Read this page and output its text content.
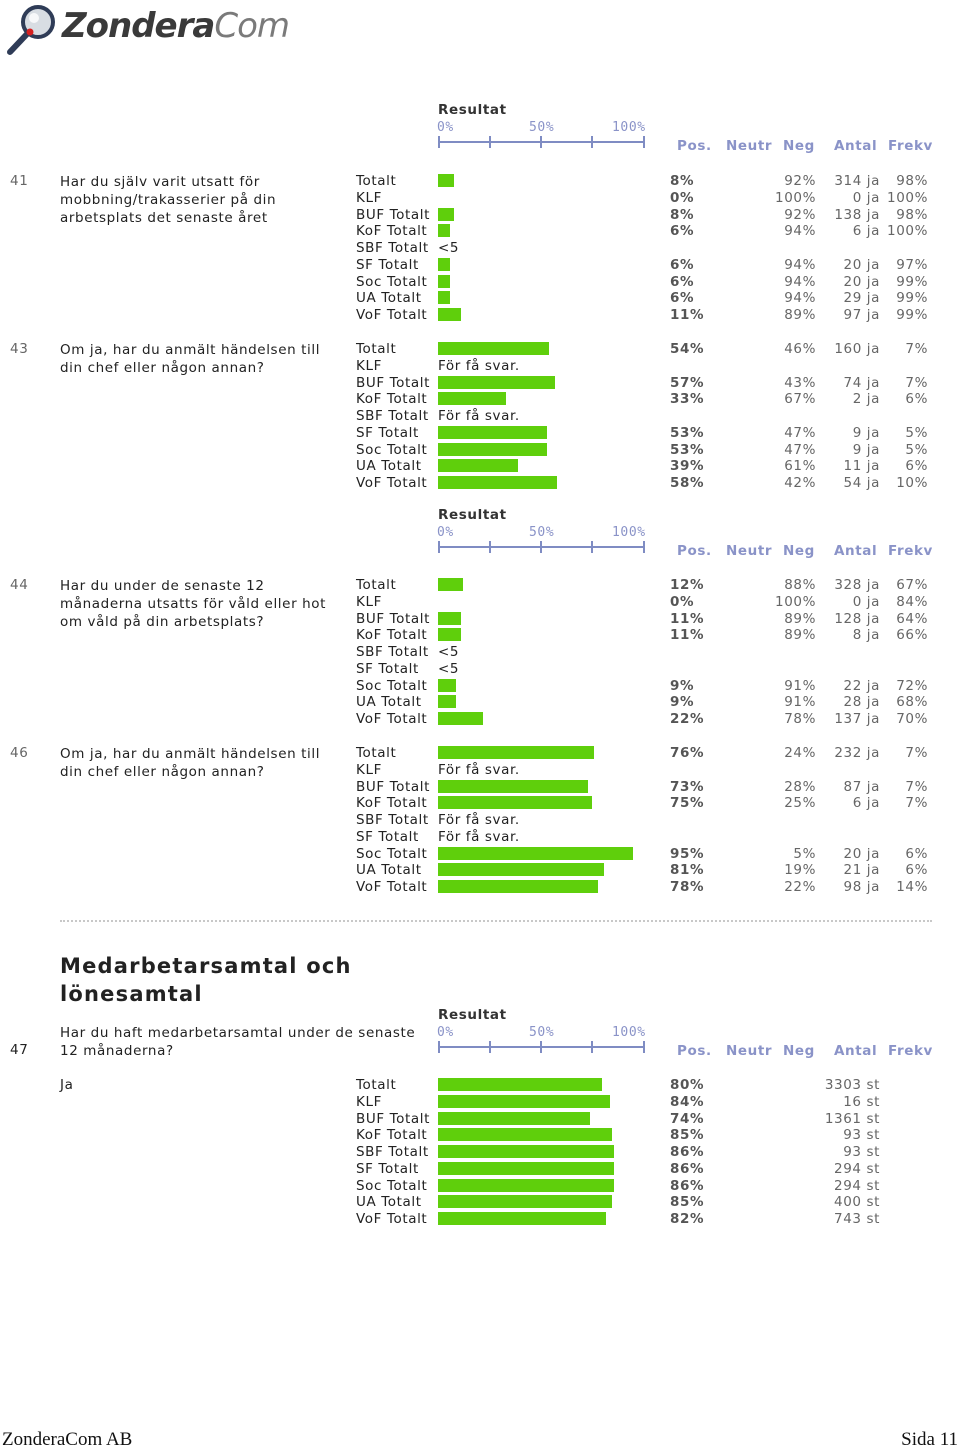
ZonderaCom
Resultat
0%	50%	100%
Pos. Neutr Neg Antal Frekv
41 Har du själv varit utsatt för mobbning/trakasserier på din arbetsplats det senaste året
Totalt	8%	92% 314 ja 98%
KLF	0%	100%	0 ja 100%
BUF Totalt	8%	92% 138 ja 98%
KoF Totalt	6%	94%	6 ja 100%
SBF Totalt <5
SF Totalt	6%	94% 20 ja 97%
Soc Totalt	6%	94% 20 ja 99%
UA Totalt	6%	94% 29 ja 99%
VoF Totalt	11%	89% 97 ja 99%
43 Om ja, har du anmält händelsen till din chef eller någon annan?
Totalt	54%	46% 160 ja 7%
KLF	För få svar.
BUF Totalt	57%	43% 74 ja 7%
KoF Totalt	33%	67%	2 ja 6%
SBF Totalt För få svar.
SF Totalt	53%	47%	9 ja 5%
Soc Totalt	53%	47%	9 ja 5%
UA Totalt	39%	61% 11 ja 6%
VoF Totalt	58%	42% 54 ja 10%
Resultat
0%	50%	100%
Pos. Neutr Neg Antal Frekv
44 Har du under de senaste 12 månaderna utsatts för våld eller hot om våld på din arbetsplats?
Totalt	12%	88% 328 ja 67%
KLF	0%	100%	0 ja 84%
BUF Totalt	11%	89% 128 ja 64%
KoF Totalt	11%	89%	8 ja 66%
SBF Totalt <5
SF Totalt <5
Soc Totalt	9%	91% 22 ja 72%
UA Totalt	9%	91% 28 ja 68%
VoF Totalt	22%	78% 137 ja 70%
46 Om ja, har du anmält händelsen till din chef eller någon annan?
Totalt	76%	24% 232 ja 7%
KLF	För få svar.
BUF Totalt	73%	28% 87 ja 7%
KoF Totalt	75%	25%	6 ja 7%
SBF Totalt För få svar.
SF Totalt För få svar.
Soc Totalt	95%	5% 20 ja 6%
UA Totalt	81%	19% 21 ja 6%
VoF Totalt	78%	22% 98 ja 14%
Medarbetarsamtal och lönesamtal
Resultat
0%	50%	100%
Pos. Neutr Neg Antal Frekv
47
Har du haft medarbetarsamtal under de senaste 12 månaderna?
Ja	Totalt	80%	3303 st
KLF	84%	16 st
BUF Totalt	74%	1361 st
KoF Totalt	85%	93 st
SBF Totalt	86%	93 st
SF Totalt	86%	294 st
Soc Totalt	86%	294 st
UA Totalt	85%	400 st
VoF Totalt	82%	743 st
ZonderaCom AB	Sida 11
